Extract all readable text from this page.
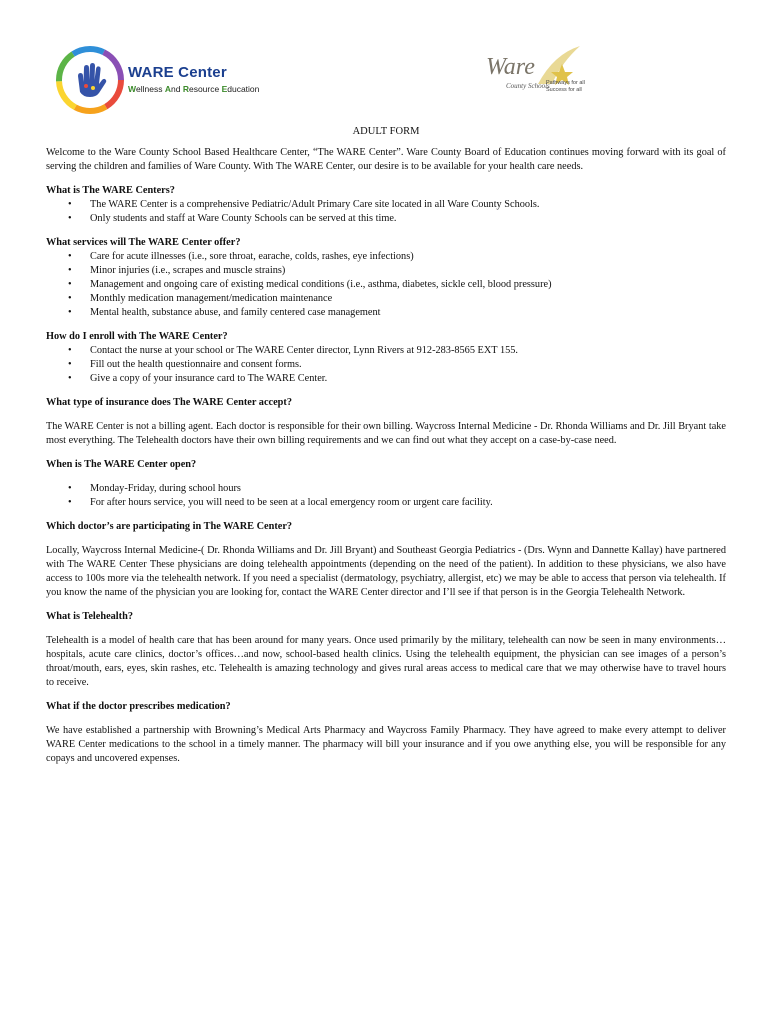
WARE Center
Wellness And Resource Education
Ware
County Schools
Pathways for all Success for all
ADULT FORM

Welcome to the Ware County School Based Healthcare Center, “The WARE Center”. Ware County Board of Education continues moving forward with its goal of serving the children and families of Ware County. With The WARE Center, our desire is to be available for your health care needs.

What is The WARE Centers?
• The WARE Center is a comprehensive Pediatric/Adult Primary Care site located in all Ware County Schools.
• Only students and staff at Ware County Schools can be served at this time.
What services will The WARE Center offer?
• Care for acute illnesses (i.e., sore throat, earache, colds, rashes, eye infections)
• Minor injuries (i.e., scrapes and muscle strains)
• Management and ongoing care of existing medical conditions (i.e., asthma, diabetes, sickle cell, blood pressure)
• Monthly medication management/medication maintenance
• Mental health, substance abuse, and family centered case management
How do I enroll with The WARE Center?
• Contact the nurse at your school or The WARE Center director, Lynn Rivers at 912-283-8565 EXT 155.
• Fill out the health questionnaire and consent forms.
• Give a copy of your insurance card to The WARE Center.
What type of insurance does The WARE Center accept?

The WARE Center is not a billing agent. Each doctor is responsible for their own billing. Waycross Internal Medicine - Dr. Rhonda Williams and Dr. Jill Bryant take most everything. The Telehealth doctors have their own billing requirements and we can find out what they accept on a case-by-case need.

When is The WARE Center open?
• Monday-Friday, during school hours
• For after hours service, you will need to be seen at a local emergency room or urgent care facility.
Which doctor’s are participating in The WARE Center?

Locally, Waycross Internal Medicine-( Dr. Rhonda Williams and Dr. Jill Bryant) and Southeast Georgia Pediatrics - (Drs. Wynn and Dannette Kallay) have partnered with The WARE Center These physicians are doing telehealth appointments (depending on the need of the patient). In addition to these physicians, we also have access to 100s more via the telehealth network. If you need a specialist (dermatology, psychiatry, allergist, etc) we may be able to access that person via telehealth. If you know the name of the physician you are looking for, contact the WARE Center director and I’ll see if that person is in the Georgia Telehealth Network.

What is Telehealth?

Telehealth is a model of health care that has been around for many years. Once used primarily by the military, telehealth can now be seen in many environments…hospitals, acute care clinics, doctor’s offices…and now, school-based health clinics. Using the telehealth equipment, the physician can see images of a person’s throat/mouth, ears, eyes, skin rashes, etc. Telehealth is amazing technology and gives rural areas access to medical care that we may otherwise have to travel hours to receive.

What if the doctor prescribes medication?

We have established a partnership with Browning’s Medical Arts Pharmacy and Waycross Family Pharmacy. They have agreed to make every attempt to deliver WARE Center medications to the school in a timely manner. The pharmacy will bill your insurance and if you owe anything else, you will be responsible for any copays and uncovered expenses.
